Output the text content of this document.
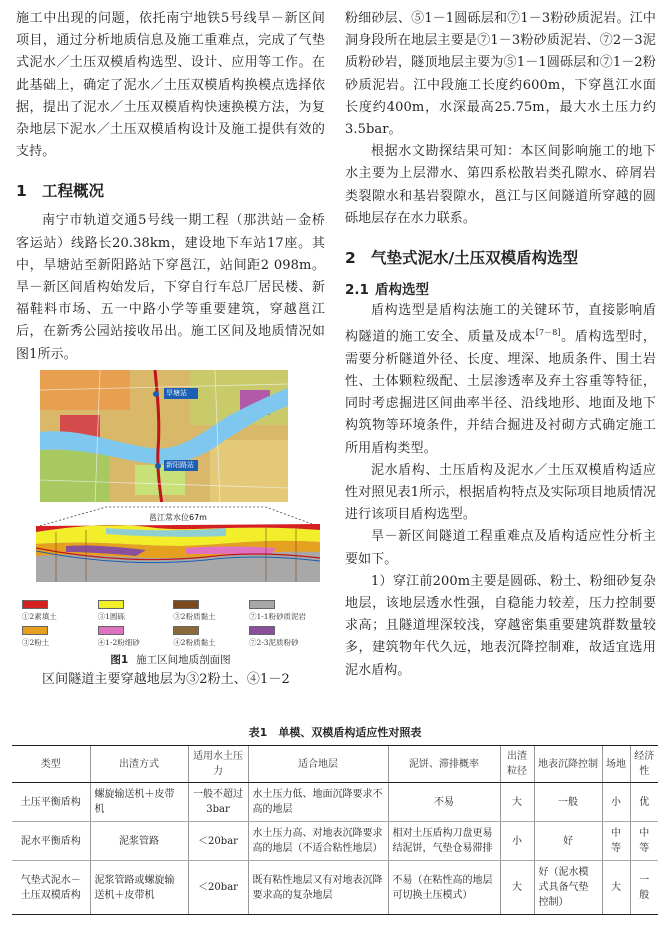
施工中出现的问题，依托南宁地铁5号线旱－新区间项目，通过分析地质信息及施工重难点，完成了气垫式泥水／土压双模盾构选型、设计、应用等工作。在此基础上，确定了泥水／土压双模盾构换模点选择依据，提出了泥水／土压双模盾构快速换模方法，为复杂地层下泥水／土压双模盾构设计及施工提供有效的支持。

1 工程概况

南宁市轨道交通5号线一期工程（那洪站－金桥客运站）线路长20.38km，建设地下车站17座。其中，旱塘站至新阳路站下穿邕江，站间距2 098m。旱－新区间盾构始发后，下穿自行车总厂居民楼、新福鞋料市场、五一中路小学等重要建筑，穿越邕江后，在新秀公园站接收吊出。施工区间及地质情况如图1所示。

旱塘站
新阳路站
邕江常水位67m
①2素填土	③1圆砾	③2粉质黏土	⑦1-1粉砂质泥岩
③2粉土	④1-2粉细砂	④2粉质黏土	⑦2-3泥质粉砂
图1 施工区间地质剖面图

区间隧道主要穿越地层为③2粉土、④1－2

粉细砂层、⑤1－1圆砾层和⑦1－3粉砂质泥岩。江中洞身段所在地层主要是⑦1－3粉砂质泥岩、⑦2－3泥质粉砂岩，隧顶地层主要为⑤1－1圆砾层和⑦1－2粉砂质泥岩。江中段施工长度约600m，下穿邕江水面长度约400m，水深最高25.75m，最大水土压力约3.5bar。

根据水文勘探结果可知：本区间影响施工的地下水主要为上层滞水、第四系松散岩类孔隙水、碎屑岩类裂隙水和基岩裂隙水，邕江与区间隧道所穿越的圆砾地层存在水力联系。

2 气垫式泥水/土压双模盾构选型
2.1 盾构选型

盾构选型是盾构法施工的关键环节，直接影响盾构隧道的施工安全、质量及成本[7－8]。盾构选型时，需要分析隧道外径、长度、埋深、地质条件、围土岩性、土体颗粒级配、土层渗透率及弃土容重等特征，同时考虑掘进区间曲率半径、沿线地形、地面及地下构筑物等环境条件，并结合掘进及衬砌方式确定施工所用盾构类型。

泥水盾构、土压盾构及泥水／土压双模盾构适应性对照见表1所示，根据盾构特点及实际项目地质情况进行该项目盾构选型。

旱－新区间隧道工程重难点及盾构适应性分析主要如下。

1）穿江前200m主要是圆砾、粉土、粉细砂复杂地层，该地层透水性强，自稳能力较差，压力控制要求高；且隧道埋深较浅，穿越密集重要建筑群数量较多，建筑物年代久远，地表沉降控制难，故适宜选用泥水盾构。

表1　单模、双模盾构适应性对照表
类型	出渣方式	适用水土压力	适合地层	泥饼、滞排概率	出渣粒径	地表沉降控制	场地	经济性
土压平衡盾构	螺旋输送机＋皮带机	一般不超过3bar	水土压力低、地面沉降要求不高的地层	不易	大	一般	小	优
泥水平衡盾构	泥浆管路	＜20bar	水土压力高、对地表沉降要求高的地层（不适合粘性地层）	相对土压盾构刀盘更易结泥饼，气垫仓易滞排	小	好	中等	中等
气垫式泥水－土压双模盾构	泥浆管路或螺旋输送机＋皮带机	＜20bar	既有粘性地层又有对地表沉降要求高的复杂地层	不易（在粘性高的地层可切换土压模式）	大	好（泥水模式具备气垫控制）	大	一般
